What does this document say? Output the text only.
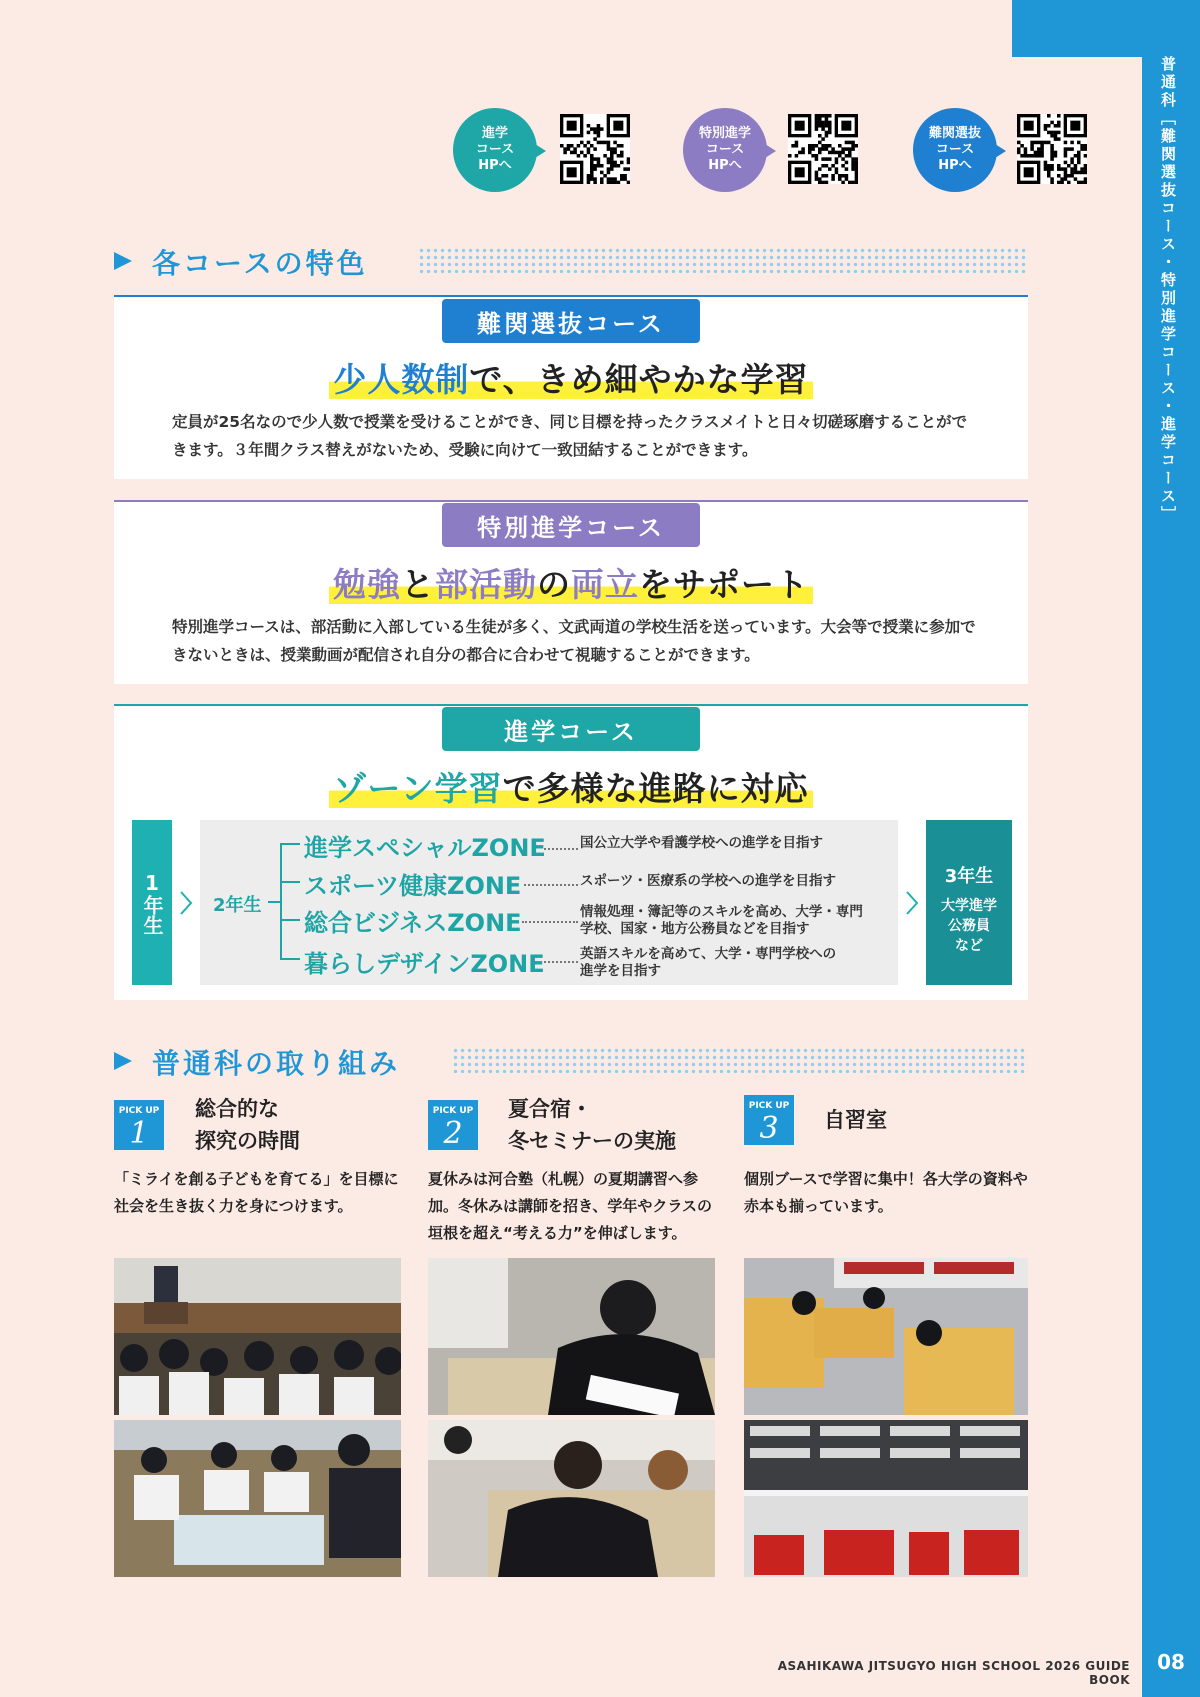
普通科［難関選抜コース・特別進学コース・進学コース］
08
ASAHIKAWA JITSUGYO HIGH SCHOOL 2026 GUIDE BOOK
進学
コース
HPへ
特別進学
コース
HPへ
難関選抜
コース
HPへ
各コースの特色
難関選抜コース
少人数制で、きめ細やかな学習
定員が25名なので少人数で授業を受けることができ、同じ目標を持ったクラスメイトと日々切磋琢磨することができます。３年間クラス替えがないため、受験に向けて一致団結することができます。
特別進学コース
勉強と部活動の両立をサポート
特別進学コースは、部活動に入部している生徒が多く、文武両道の学校生活を送っています。大会等で授業に参加できないときは、授業動画が配信され自分の都合に合わせて視聴することができます。
進学コース
ゾーン学習で多様な進路に対応
1年生	2年生
進学スペシャルZONE	国公立大学や看護学校への進学を目指す
スポーツ健康ZONE	スポーツ・医療系の学校への進学を目指す
総合ビジネスZONE	情報処理・簿記等のスキルを高め、大学・専門
学校、国家・地方公務員などを目指す
暮らしデザインZONE	英語スキルを高めて、大学・専門学校への
進学を目指す
3年生
大学進学
公務員
など
普通科の取り組み
PICK UP
1
総合的な
探究の時間
「ミライを創る子どもを育てる」を目標に社会を生き抜く力を身につけます。
PICK UP
2
夏合宿・
冬セミナーの実施
夏休みは河合塾（札幌）の夏期講習へ参加。冬休みは講師を招き、学年やクラスの垣根を超え“考える力”を伸ばします。
PICK UP
3	自習室
個別ブースで学習に集中！各大学の資料や赤本も揃っています。
